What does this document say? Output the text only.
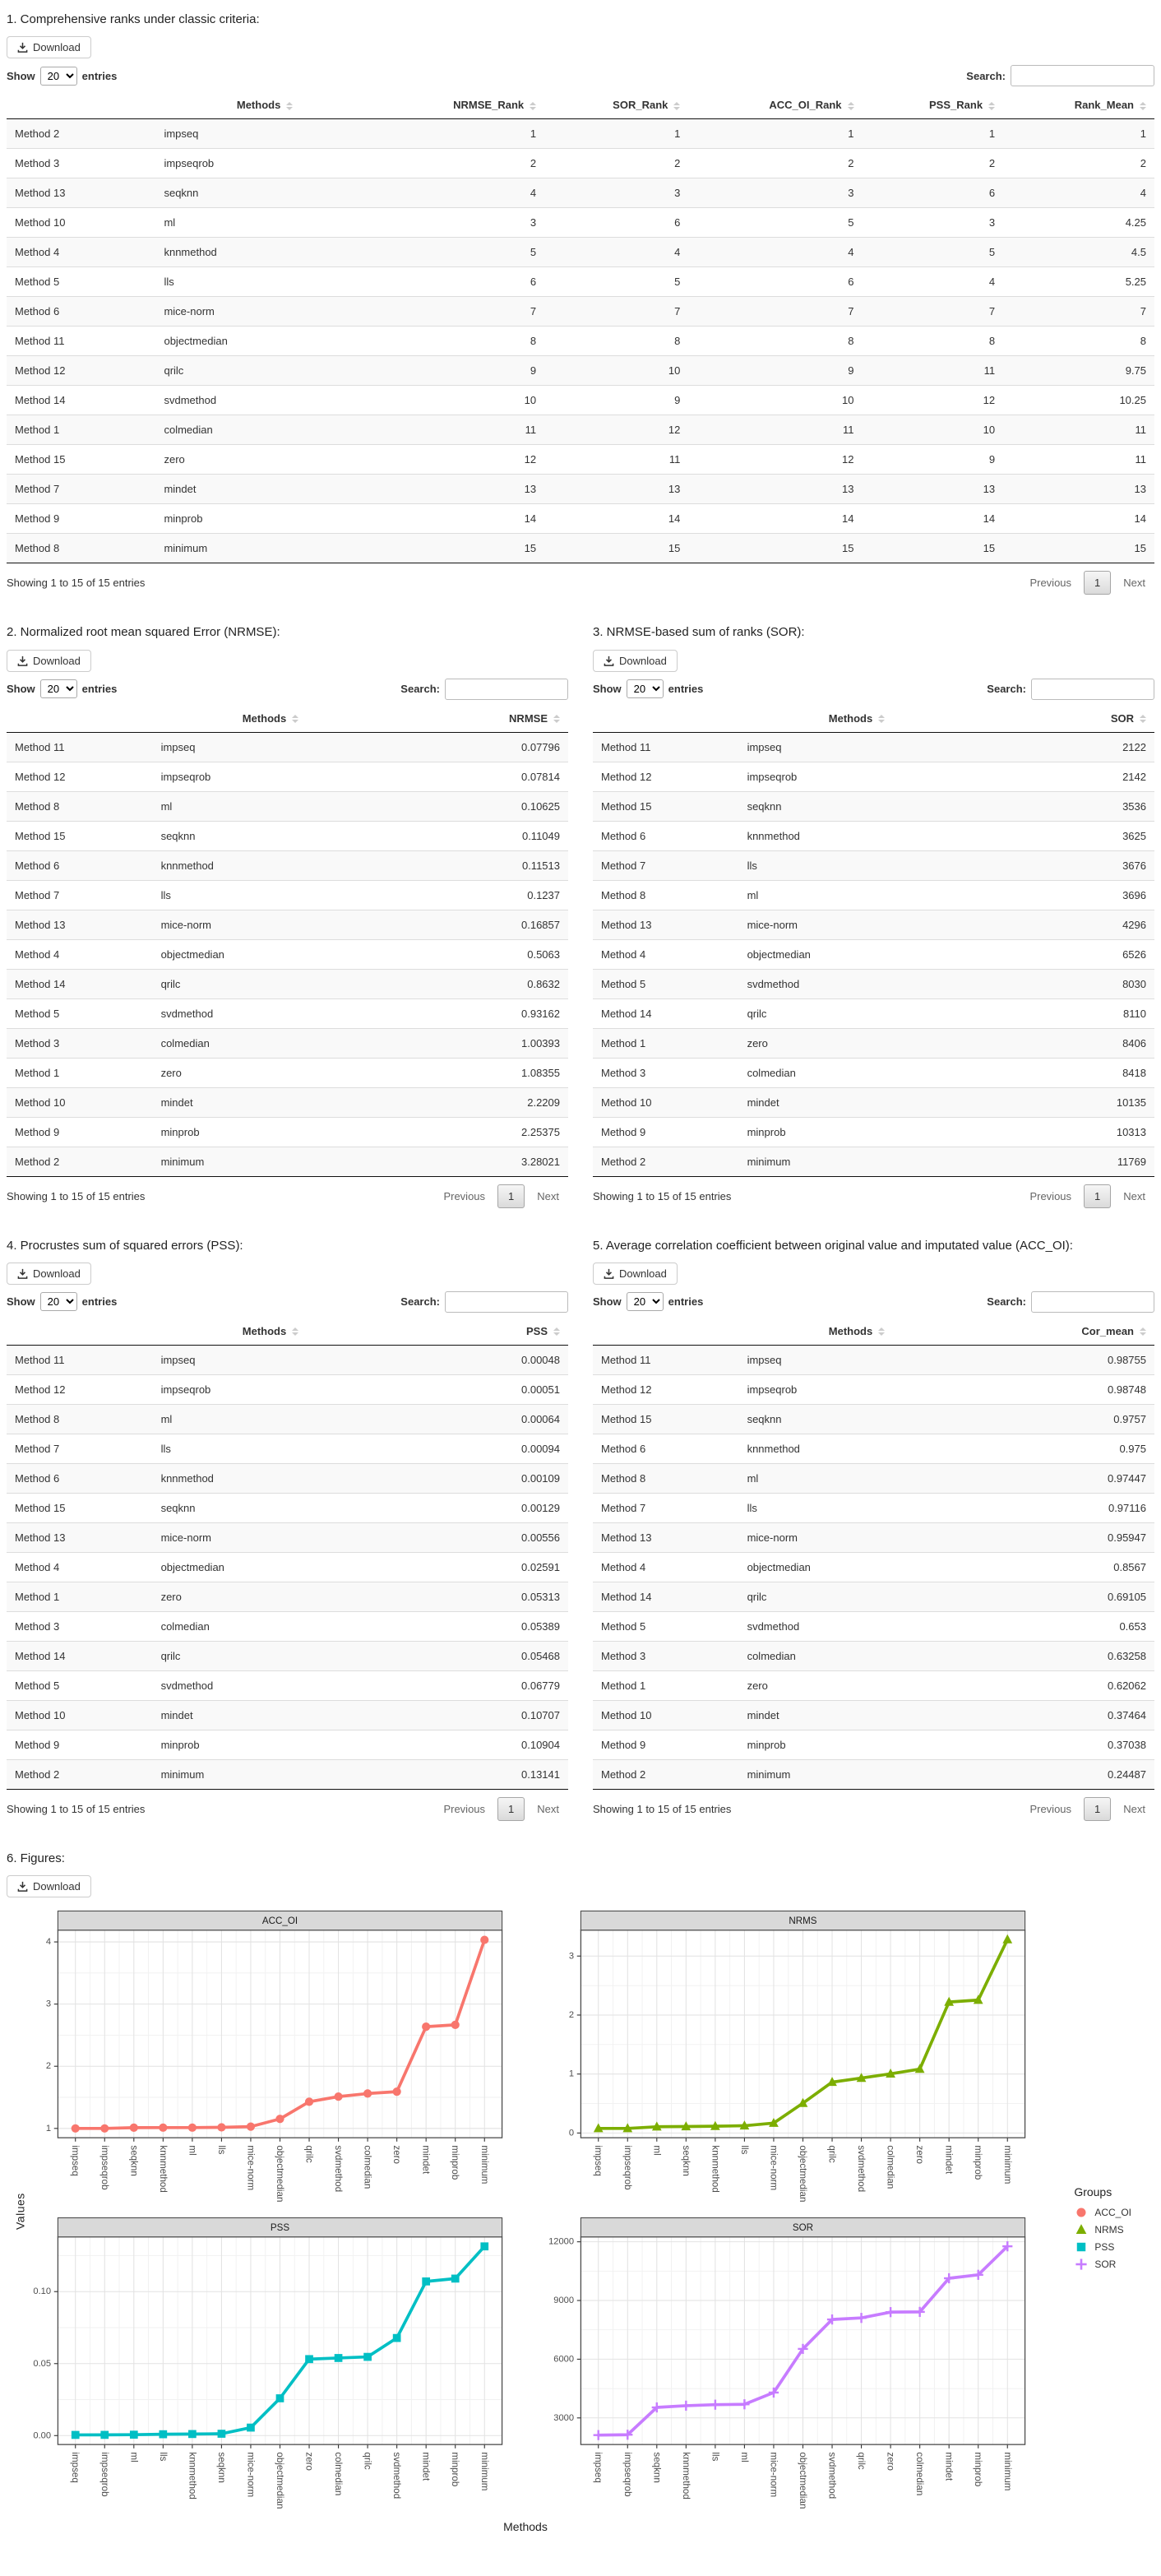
1. Comprehensive ranks under classic criteria:
Download
Show
20	entries	Search:
	Methods	NRMSE_Rank	SOR_Rank	ACC_OI_Rank	PSS_Rank	Rank_Mean

Method 2	impseq	1	1	1	1	1
Method 3	impseqrob	2	2	2	2	2
Method 13	seqknn	4	3	3	6	4
Method 10	ml	3	6	5	3	4.25
Method 4	knnmethod	5	4	4	5	4.5
Method 5	lls	6	5	6	4	5.25
Method 6	mice-norm	7	7	7	7	7
Method 11	objectmedian	8	8	8	8	8
Method 12	qrilc	9	10	9	11	9.75
Method 14	svdmethod	10	9	10	12	10.25
Method 1	colmedian	11	12	11	10	11
Method 15	zero	12	11	12	9	11
Method 7	mindet	13	13	13	13	13
Method 9	minprob	14	14	14	14	14
Method 8	minimum	15	15	15	15	15
Showing 1 to 15 of 15 entries	Previous	1	Next
2. Normalized root mean squared Error (NRMSE):
Download
Show
20	entries	Search:
	Methods	NRMSE

Method 11	impseq	0.07796
Method 12	impseqrob	0.07814
Method 8	ml	0.10625
Method 15	seqknn	0.11049
Method 6	knnmethod	0.11513
Method 7	lls	0.1237
Method 13	mice-norm	0.16857
Method 4	objectmedian	0.5063
Method 14	qrilc	0.8632
Method 5	svdmethod	0.93162
Method 3	colmedian	1.00393
Method 1	zero	1.08355
Method 10	mindet	2.2209
Method 9	minprob	2.25375
Method 2	minimum	3.28021
Showing 1 to 15 of 15 entries	Previous	1	Next
3. NRMSE-based sum of ranks (SOR):
Download
Show
20	entries	Search:
	Methods	SOR

Method 11	impseq	2122
Method 12	impseqrob	2142
Method 15	seqknn	3536
Method 6	knnmethod	3625
Method 7	lls	3676
Method 8	ml	3696
Method 13	mice-norm	4296
Method 4	objectmedian	6526
Method 5	svdmethod	8030
Method 14	qrilc	8110
Method 1	zero	8406
Method 3	colmedian	8418
Method 10	mindet	10135
Method 9	minprob	10313
Method 2	minimum	11769
Showing 1 to 15 of 15 entries	Previous	1	Next
4. Procrustes sum of squared errors (PSS):
Download
Show
20	entries	Search:
	Methods	PSS

Method 11	impseq	0.00048
Method 12	impseqrob	0.00051
Method 8	ml	0.00064
Method 7	lls	0.00094
Method 6	knnmethod	0.00109
Method 15	seqknn	0.00129
Method 13	mice-norm	0.00556
Method 4	objectmedian	0.02591
Method 1	zero	0.05313
Method 3	colmedian	0.05389
Method 14	qrilc	0.05468
Method 5	svdmethod	0.06779
Method 10	mindet	0.10707
Method 9	minprob	0.10904
Method 2	minimum	0.13141
Showing 1 to 15 of 15 entries	Previous	1	Next
5. Average correlation coefficient between original value and imputated value (ACC_OI):
Download
Show
20	entries	Search:
	Methods	Cor_mean

Method 11	impseq	0.98755
Method 12	impseqrob	0.98748
Method 15	seqknn	0.9757
Method 6	knnmethod	0.975
Method 8	ml	0.97447
Method 7	lls	0.97116
Method 13	mice-norm	0.95947
Method 4	objectmedian	0.8567
Method 14	qrilc	0.69105
Method 5	svdmethod	0.653
Method 3	colmedian	0.63258
Method 1	zero	0.62062
Method 10	mindet	0.37464
Method 9	minprob	0.37038
Method 2	minimum	0.24487
Showing 1 to 15 of 15 entries	Previous	1	Next
6. Figures:
Download
Values
1
2
3
4
impseq impseqrob seqknn knnmethod ml lls mice-norm objectmedian qrilc svdmethod colmedian zero mindet minprob minimum
ACC_OI
0
1
2
3
impseq impseqrob ml seqknn knnmethod lls mice-norm objectmedian qrilc svdmethod colmedian zero mindet minprob minimum
NRMS
0.00
0.05
0.10
impseq impseqrob ml lls knnmethod seqknn mice-norm objectmedian zero colmedian qrilc svdmethod mindet minprob minimum
PSS
3000
6000
9000
12000
impseq impseqrob seqknn knnmethod lls ml mice-norm objectmedian svdmethod qrilc zero colmedian mindet minprob minimum
SOR
Methods
Groups
ACC_OI
NRMS
PSS
SOR
